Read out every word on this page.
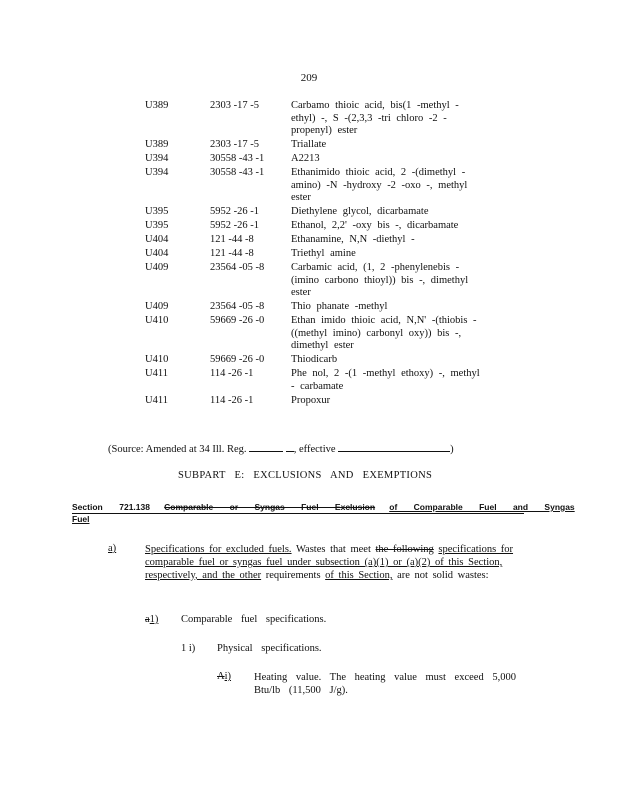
209
U389	2303 -17 -5	Carbamo thioic acid, bis(1 -methyl - ethyl) -, S -(2,3,3 -tri chloro -2 -propenyl) ester
U389	2303 -17 -5	Triallate
U394	30558 -43 -1	A2213
U394	30558 -43 -1	Ethanimido thioic acid, 2 -(dimethyl - amino) -N -hydroxy -2 -oxo -, methyl ester
U395	5952 -26 -1	Diethylene glycol, dicarbamate
U395	5952 -26 -1	Ethanol, 2,2' -oxy bis -, dicarbamate
U404	121 -44 -8	Ethanamine, N,N -diethyl -
U404	121 -44 -8	Triethyl amine
U409	23564 -05 -8	Carbamic acid, (1, 2 -phenylenebis - (imino carbono thioyl)) bis -, dimethyl ester
U409	23564 -05 -8	Thio phanate -methyl
U410	59669 -26 -0	Ethan imido thioic acid, N,N' -(thiobis - ((methyl imino) carbonyl oxy)) bis -, dimethyl ester
U410	59669 -26 -0	Thiodicarb
U411	114 -26 -1	Phe nol, 2 -(1 -methyl ethoxy) -, methyl - carbamate
U411	114 -26 -1	Propoxur
(Source: Amended at 34 Ill. Reg.	, effective	)
SUBPART E: EXCLUSIONS AND EXEMPTIONS
Section 721.138 Comparable or Syngas Fuel Exclusion of Comparable Fuel and Syngas
Fuel
a)	Specifications for excluded fuels. Wastes that meet the following specifications for comparable fuel or syngas fuel under subsection (a)(1) or (a)(2) of this Section, respectively, and the other requirements of this Section, are not solid wastes:
a1) Comparable fuel specifications.
1 i) Physical specifications.
Ai) Heating value. The heating value must exceed 5,000 Btu/lb (11,500 J/g).
